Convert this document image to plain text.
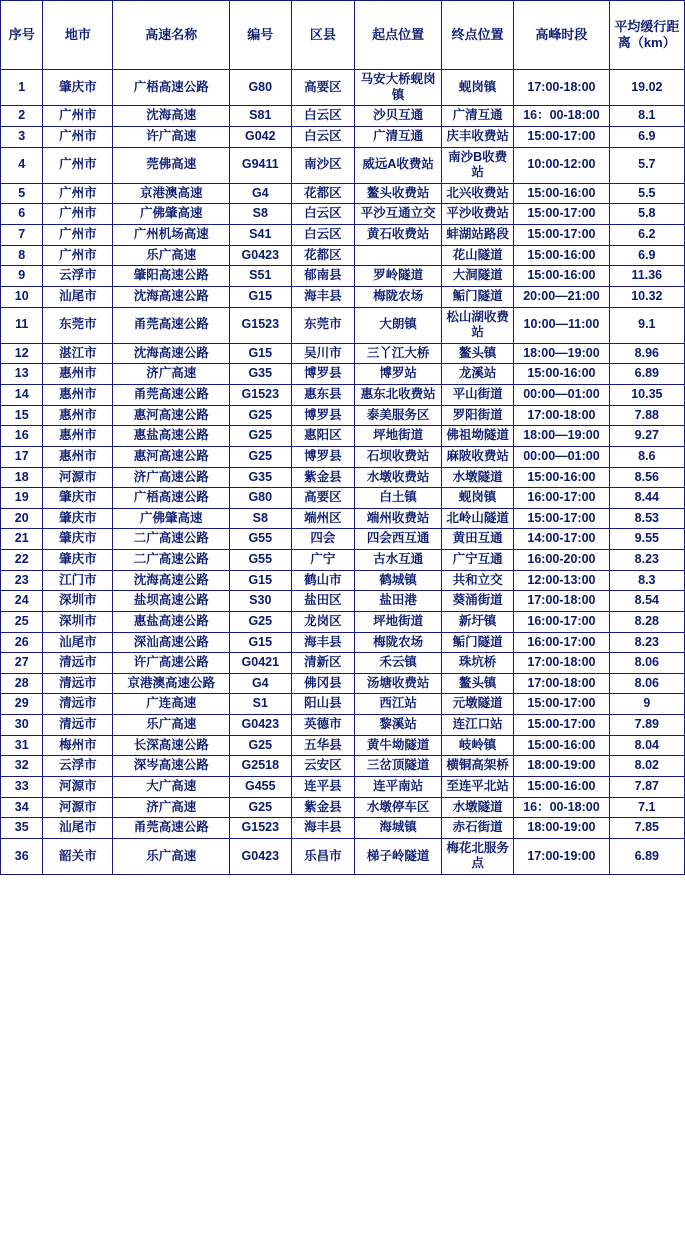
序号	地市	高速名称	编号	区县	起点位置	终点位置	高峰时段	平均缓行距离（km）
1	肇庆市	广梧高速公路	G80	高要区	马安大桥蚬岗镇	蚬岗镇	17:00-18:00	19.02
2	广州市	沈海高速	S81	白云区	沙贝互通	广清互通	16：00-18:00	8.1
3	广州市	许广高速	G042	白云区	广清互通	庆丰收费站	15:00-17:00	6.9
4	广州市	莞佛高速	G9411	南沙区	威远A收费站	南沙B收费站	10:00-12:00	5.7
5	广州市	京港澳高速	G4	花都区	鳌头收费站	北兴收费站	15:00-16:00	5.5
6	广州市	广佛肇高速	S8	白云区	平沙互通立交	平沙收费站	15:00-17:00	5.8
7	广州市	广州机场高速	S41	白云区	黄石收费站	蚌湖站路段	15:00-17:00	6.2
8	广州市	乐广高速	G0423	花都区		花山隧道	15:00-16:00	6.9
9	云浮市	肇阳高速公路	S51	郁南县	罗岭隧道	大洞隧道	15:00-16:00	11.36
10	汕尾市	沈海高速公路	G15	海丰县	梅陇农场	鲘门隧道	20:00—21:00	10.32
11	东莞市	甬莞高速公路	G1523	东莞市	大朗镇	松山湖收费站	10:00—11:00	9.1
12	湛江市	沈海高速公路	G15	吴川市	三丫江大桥	鳌头镇	18:00—19:00	8.96
13	惠州市	济广高速	G35	博罗县	博罗站	龙溪站	15:00-16:00	6.89
14	惠州市	甬莞高速公路	G1523	惠东县	惠东北收费站	平山街道	00:00—01:00	10.35
15	惠州市	惠河高速公路	G25	博罗县	泰美服务区	罗阳街道	17:00-18:00	7.88
16	惠州市	惠盐高速公路	G25	惠阳区	坪地街道	佛祖坳隧道	18:00—19:00	9.27
17	惠州市	惠河高速公路	G25	博罗县	石坝收费站	麻陂收费站	00:00—01:00	8.6
18	河源市	济广高速公路	G35	紫金县	水墩收费站	水墩隧道	15:00-16:00	8.56
19	肇庆市	广梧高速公路	G80	高要区	白土镇	蚬岗镇	16:00-17:00	8.44
20	肇庆市	广佛肇高速	S8	端州区	端州收费站	北岭山隧道	15:00-17:00	8.53
21	肇庆市	二广高速公路	G55	四会	四会西互通	黄田互通	14:00-17:00	9.55
22	肇庆市	二广高速公路	G55	广宁	古水互通	广宁互通	16:00-20:00	8.23
23	江门市	沈海高速公路	G15	鹤山市	鹤城镇	共和立交	12:00-13:00	8.3
24	深圳市	盐坝高速公路	S30	盐田区	盐田港	葵涌街道	17:00-18:00	8.54
25	深圳市	惠盐高速公路	G25	龙岗区	坪地街道	新圩镇	16:00-17:00	8.28
26	汕尾市	深汕高速公路	G15	海丰县	梅陇农场	鲘门隧道	16:00-17:00	8.23
27	清远市	许广高速公路	G0421	清新区	禾云镇	珠坑桥	17:00-18:00	8.06
28	清远市	京港澳高速公路	G4	佛冈县	汤塘收费站	鳌头镇	17:00-18:00	8.06
29	清远市	广连高速	S1	阳山县	西江站	元墩隧道	15:00-17:00	9
30	清远市	乐广高速	G0423	英德市	黎溪站	连江口站	15:00-17:00	7.89
31	梅州市	长深高速公路	G25	五华县	黄牛坳隧道	岐岭镇	15:00-16:00	8.04
32	云浮市	深岑高速公路	G2518	云安区	三岔顶隧道	横铜高架桥	18:00-19:00	8.02
33	河源市	大广高速	G455	连平县	连平南站	至连平北站	15:00-16:00	7.87
34	河源市	济广高速	G25	紫金县	水墩停车区	水墩隧道	16：00-18:00	7.1
35	汕尾市	甬莞高速公路	G1523	海丰县	海城镇	赤石街道	18:00-19:00	7.85
36	韶关市	乐广高速	G0423	乐昌市	梯子岭隧道	梅花北服务点	17:00-19:00	6.89
